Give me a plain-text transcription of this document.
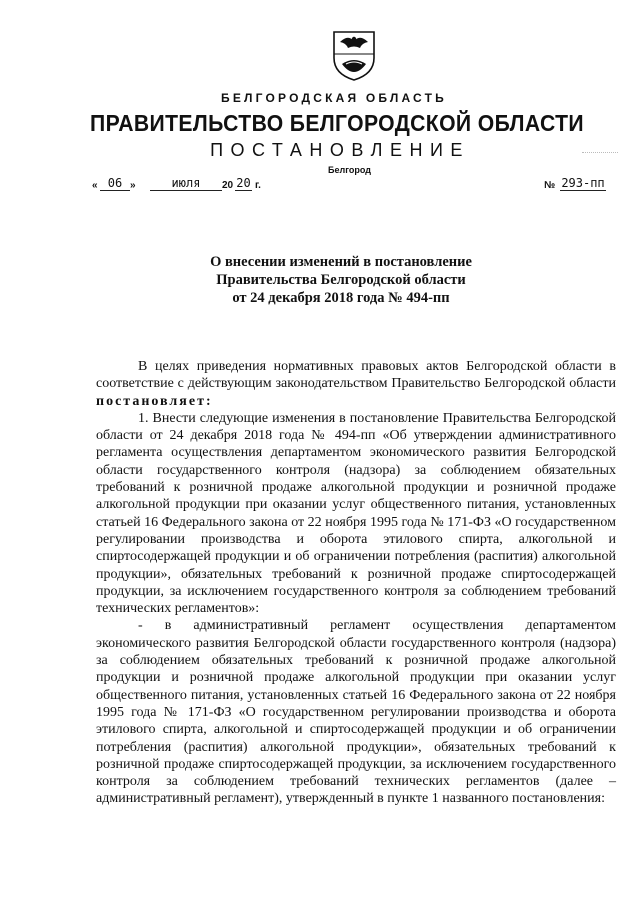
БЕЛГОРОДСКАЯ ОБЛАСТЬ
ПРАВИТЕЛЬСТВО БЕЛГОРОДСКОЙ ОБЛАСТИ
ПОСТАНОВЛЕНИЕ
Белгород
« 06 »	июля	20 20 г.	№ 293-пп
О внесении изменений в постановление
Правительства Белгородской области
от 24 декабря 2018 года № 494-пп

В целях приведения нормативных правовых актов Белгородской области в соответствие с действующим законодательством Правительство Белгородской области постановляет:

1. Внести следующие изменения в постановление Правительства Белгородской области от 24 декабря 2018 года № 494-пп «Об утверждении административного регламента осуществления департаментом экономического развития Белгородской области государственного контроля (надзора) за соблюдением обязательных требований к розничной продаже алкогольной продукции и розничной продаже алкогольной продукции при оказании услуг общественного питания, установленных статьей 16 Федерального закона от 22 ноября 1995 года № 171-ФЗ «О государственном регулировании производства и оборота этилового спирта, алкогольной и спиртосодержащей продукции и об ограничении потребления (распития) алкогольной продукции», обязательных требований к розничной продаже спиртосодержащей продукции, за исключением государственного контроля за соблюдением требований технических регламентов»:

- в административный регламент осуществления департаментом экономического развития Белгородской области государственного контроля (надзора) за соблюдением обязательных требований к розничной продаже алкогольной продукции и розничной продаже алкогольной продукции при оказании услуг общественного питания, установленных статьей 16 Федерального закона от 22 ноября 1995 года № 171-ФЗ «О государственном регулировании производства и оборота этилового спирта, алкогольной и спиртосодержащей продукции и об ограничении потребления (распития) алкогольной продукции», обязательных требований к розничной продаже спиртосодержащей продукции, за исключением государственного контроля за соблюдением требований технических регламентов (далее – административный регламент), утвержденный в пункте 1 названного постановления:
